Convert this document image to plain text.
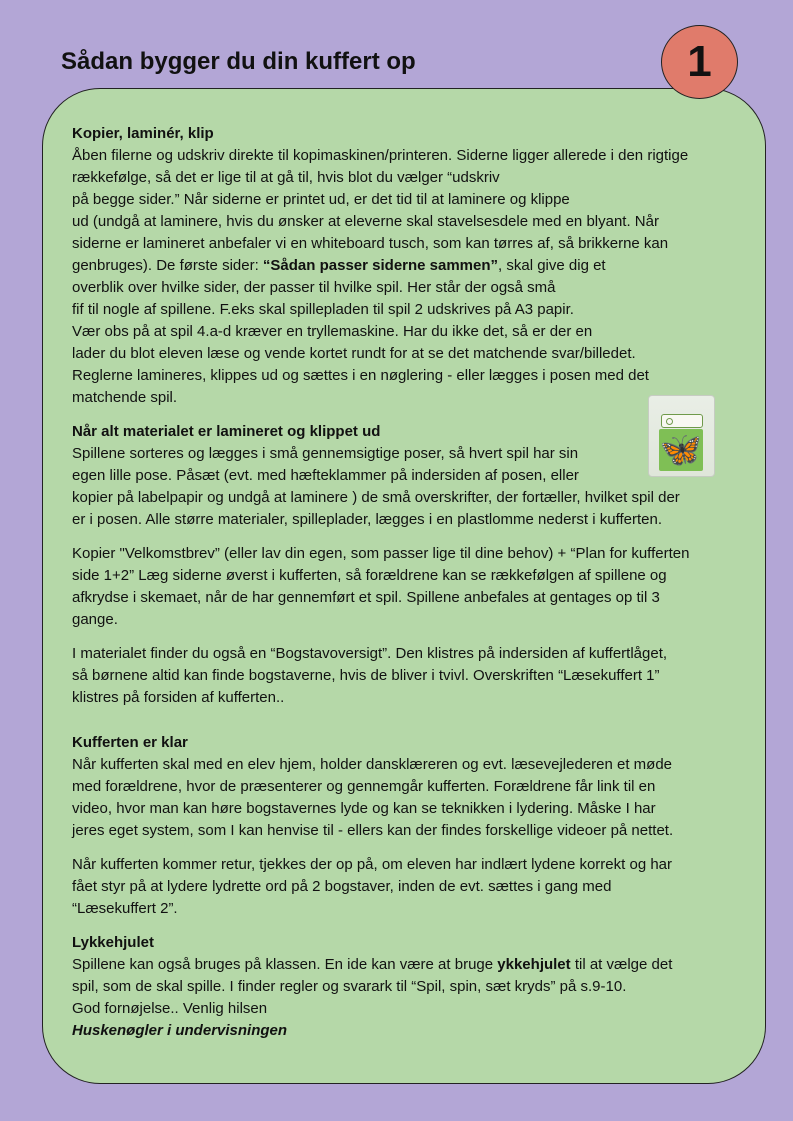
Sådan bygger du din kuffert op	1
🦋

Kopier, laminér, klip

Åben filerne og udskriv direkte til kopimaskinen/printeren. Siderne ligger allerede i den rigtige

rækkefølge, så det er lige til at gå til, hvis blot du vælger “udskriv

på begge sider.” Når siderne er printet ud, er det tid til at laminere og klippe

ud (undgå at laminere, hvis du ønsker at eleverne skal stavelsesdele med en blyant. Når

siderne er lamineret anbefaler vi en whiteboard tusch, som kan tørres af, så brikkerne kan

genbruges). De første sider: “Sådan passer siderne sammen”, skal give dig et

overblik over hvilke sider, der passer til hvilke spil. Her står der også små

fif til nogle af spillene. F.eks skal spillepladen til spil 2 udskrives på A3 papir.

Vær obs på at spil 4.a-d kræver en tryllemaskine. Har du ikke det, så er der en

lader du blot eleven læse og vende kortet rundt for at se det matchende svar/billedet.

Reglerne lamineres, klippes ud og sættes i en nøglering - eller lægges i posen med det

matchende spil.

Når alt materialet er lamineret og klippet ud

Spillene sorteres og lægges i små gennemsigtige poser, så hvert spil har sin

egen lille pose. Påsæt (evt. med hæfteklammer på indersiden af posen, eller

kopier på labelpapir og undgå at laminere ) de små overskrifter, der fortæller, hvilket spil der

er i posen. Alle større materialer, spilleplader, lægges i en plastlomme nederst i kufferten.

Kopier "Velkomstbrev” (eller lav din egen, som passer lige til dine behov) + “Plan for kufferten

side 1+2” Læg siderne øverst i kufferten, så forældrene kan se rækkefølgen af spillene og

afkrydse i skemaet, når de har gennemført et spil. Spillene anbefales at gentages op til 3

gange.

I materialet finder du også en “Bogstavoversigt”. Den klistres på indersiden af kuffertlåget,

så børnene altid kan finde bogstaverne, hvis de bliver i tvivl. Overskriften “Læsekuffert 1”

klistres på forsiden af kufferten..

Kufferten er klar

Når kufferten skal med en elev hjem, holder dansklæreren og evt. læsevejlederen et møde

med forældrene, hvor de præsenterer og gennemgår kufferten. Forældrene får link til en

video, hvor man kan høre bogstavernes lyde og kan se teknikken i lydering. Måske I har

jeres eget system, som I kan henvise til - ellers kan der findes forskellige videoer på nettet.

Når kufferten kommer retur, tjekkes der op på, om eleven har indlært lydene korrekt og har

fået styr på at lydere lydrette ord på 2 bogstaver, inden de evt. sættes i gang med

“Læsekuffert 2”.

Lykkehjulet

Spillene kan også bruges på klassen. En ide kan være at bruge ykkehjulet til at vælge det

spil, som de skal spille. I finder regler og svarark til “Spil, spin, sæt kryds” på s.9-10.

God fornøjelse.. Venlig hilsen

Huskenøgler i undervisningen
